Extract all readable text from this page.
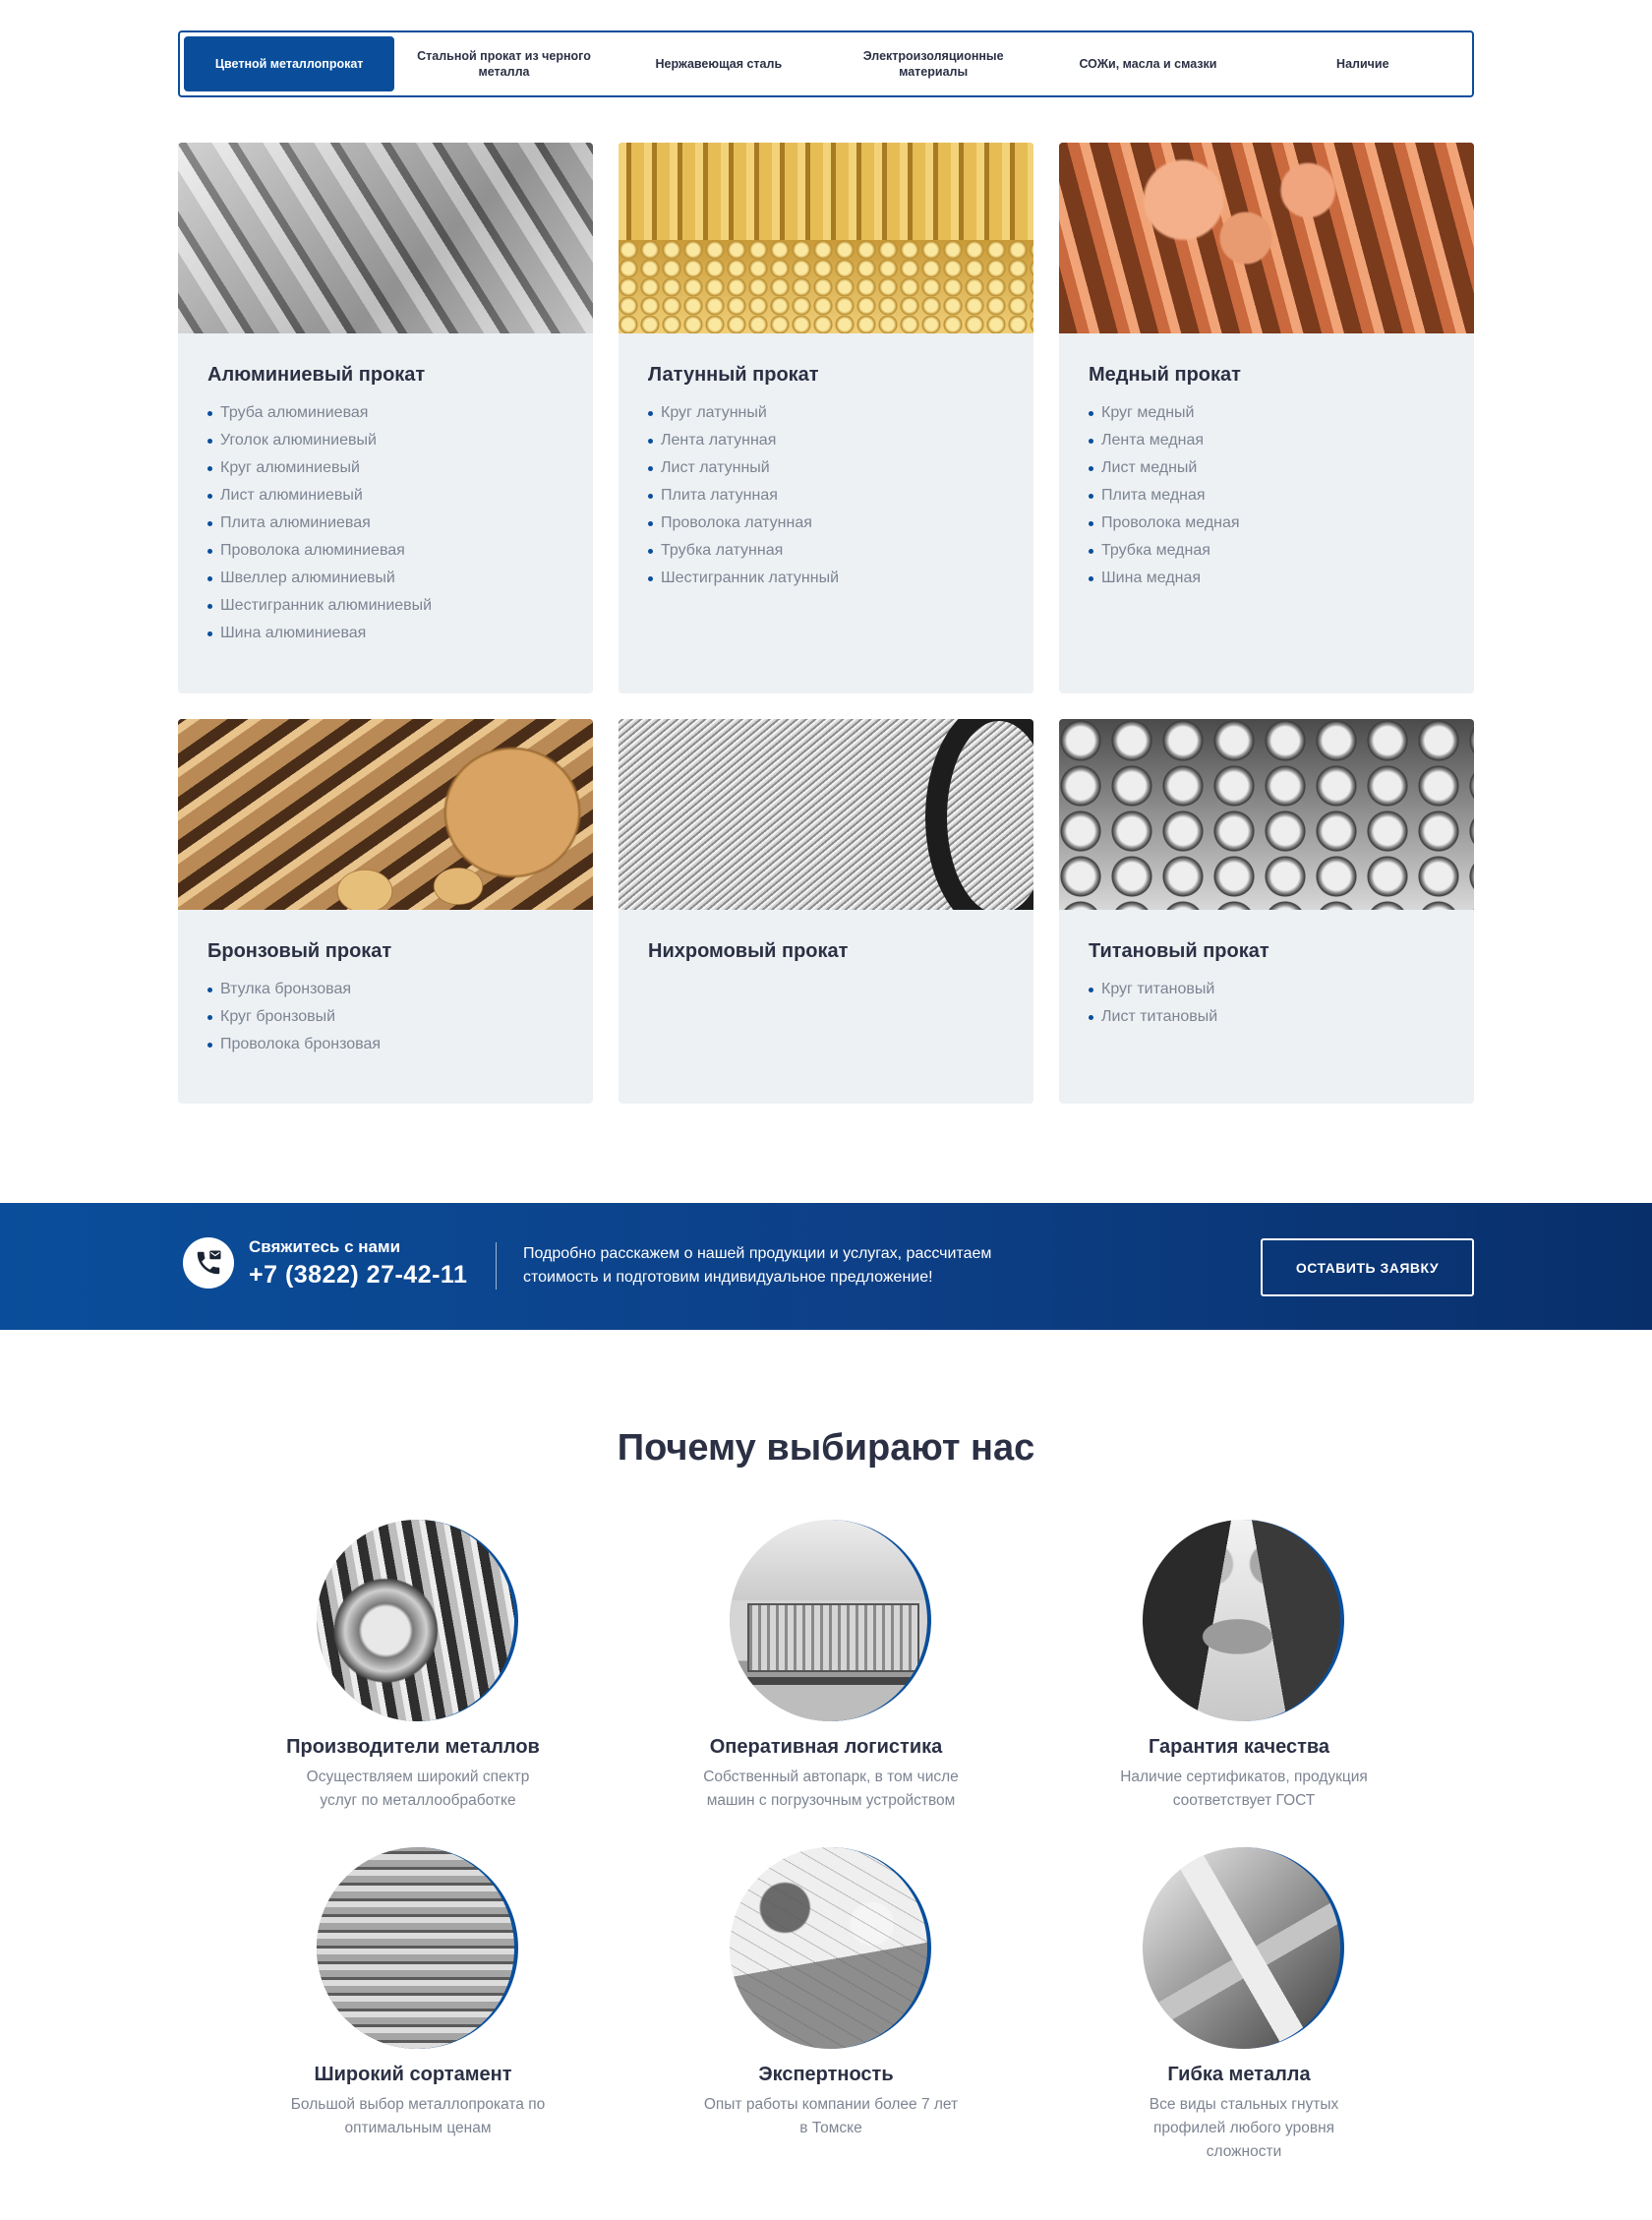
Цветной металлопрокат
Стальной прокат из черного металла
Нержавеющая сталь
Электроизоляционные материалы
СОЖи, масла и смазки	Наличие
Алюминиевый прокат
Труба алюминиевая
Уголок алюминиевый
Круг алюминиевый
Лист алюминиевый
Плита алюминиевая
Проволока алюминиевая
Швеллер алюминиевый
Шестигранник алюминиевый
Шина алюминиевая
Латунный прокат
Круг латунный
Лента латунная
Лист латунный
Плита латунная
Проволока латунная
Трубка латунная
Шестигранник латунный
Медный прокат
Круг медный
Лента медная
Лист медный
Плита медная
Проволока медная
Трубка медная
Шина медная
Бронзовый прокат
Втулка бронзовая
Круг бронзовый
Проволока бронзовая
Нихромовый прокат	Титановый прокат
Круг титановый
Лист титановый
Свяжитесь с нами
+7 (3822) 27-42-11
Подробно расскажем о нашей продукции и услугах, рассчитаем стоимость и подготовим индивидуальное предложение!
ОСТАВИТЬ ЗАЯВКУ
Почему выбирают нас
Производители металлов
Осуществляем широкий спектр услуг по металлообработке
Оперативная логистика
Собственный автопарк, в том числе машин с погрузочным устройством
Гарантия качества
Наличие сертификатов, продукция соответствует ГОСТ
Широкий сортамент
Большой выбор металлопроката по оптимальным ценам
Экспертность
Опыт работы компании более 7 лет в Томске
Гибка металла
Все виды стальных гнутых профилей любого уровня сложности
